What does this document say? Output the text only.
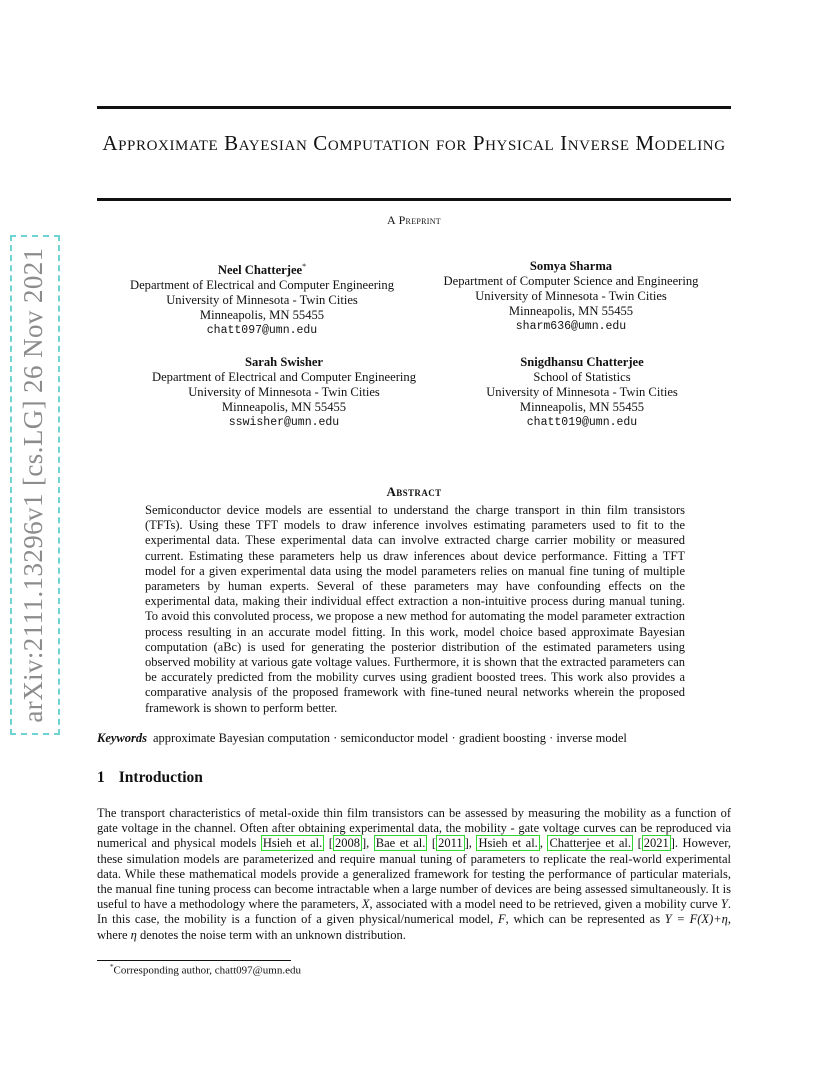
Approximate Bayesian Computation for Physical Inverse Modeling
A Preprint
Neel Chatterjee*
Department of Electrical and Computer Engineering
University of Minnesota - Twin Cities
Minneapolis, MN 55455
chatt097@umn.edu
Somya Sharma
Department of Computer Science and Engineering
University of Minnesota - Twin Cities
Minneapolis, MN 55455
sharm636@umn.edu
Sarah Swisher
Department of Electrical and Computer Engineering
University of Minnesota - Twin Cities
Minneapolis, MN 55455
sswisher@umn.edu
Snigdhansu Chatterjee
School of Statistics
University of Minnesota - Twin Cities
Minneapolis, MN 55455
chatt019@umn.edu
Abstract

Semiconductor device models are essential to understand the charge transport in thin film transistors (TFTs). Using these TFT models to draw inference involves estimating parameters used to fit to the experimental data. These experimental data can involve extracted charge carrier mobility or measured current. Estimating these parameters help us draw inferences about device performance. Fitting a TFT model for a given experimental data using the model parameters relies on manual fine tuning of multiple parameters by human experts. Several of these parameters may have confounding effects on the experimental data, making their individual effect extraction a non-intuitive process during manual tuning. To avoid this convoluted process, we propose a new method for automating the model parameter extraction process resulting in an accurate model fitting. In this work, model choice based approximate Bayesian computation (aBc) is used for generating the posterior distribution of the estimated parameters using observed mobility at various gate voltage values. Furthermore, it is shown that the extracted parameters can be accurately predicted from the mobility curves using gradient boosted trees. This work also provides a comparative analysis of the proposed framework with fine-tuned neural networks wherein the proposed framework is shown to perform better.

Keywords approximate Bayesian computation · semiconductor model · gradient boosting · inverse model
1 Introduction

The transport characteristics of metal-oxide thin film transistors can be assessed by measuring the mobility as a function of gate voltage in the channel. Often after obtaining experimental data, the mobility - gate voltage curves can be reproduced via numerical and physical models Hsieh et al. [ 2008 ], Bae et al. [ 2011 ], Hsieh et al. , Chatterjee et al. [ 2021 ]. However, these simulation models are parameterized and require manual tuning of parameters to replicate the real-world experimental data. While these mathematical models provide a generalized framework for testing the performance of particular materials, the manual fine tuning process can become intractable when a large number of devices are being assessed simultaneously. It is useful to have a methodology where the parameters, X, associated with a model need to be retrieved, given a mobility curve Y. In this case, the mobility is a function of a given physical/numerical model, F, which can be represented as Y = F(X)+η, where η denotes the noise term with an unknown distribution.

*Corresponding author, chatt097@umn.edu
arXiv:2111.13296v1 [cs.LG] 26 Nov 2021
